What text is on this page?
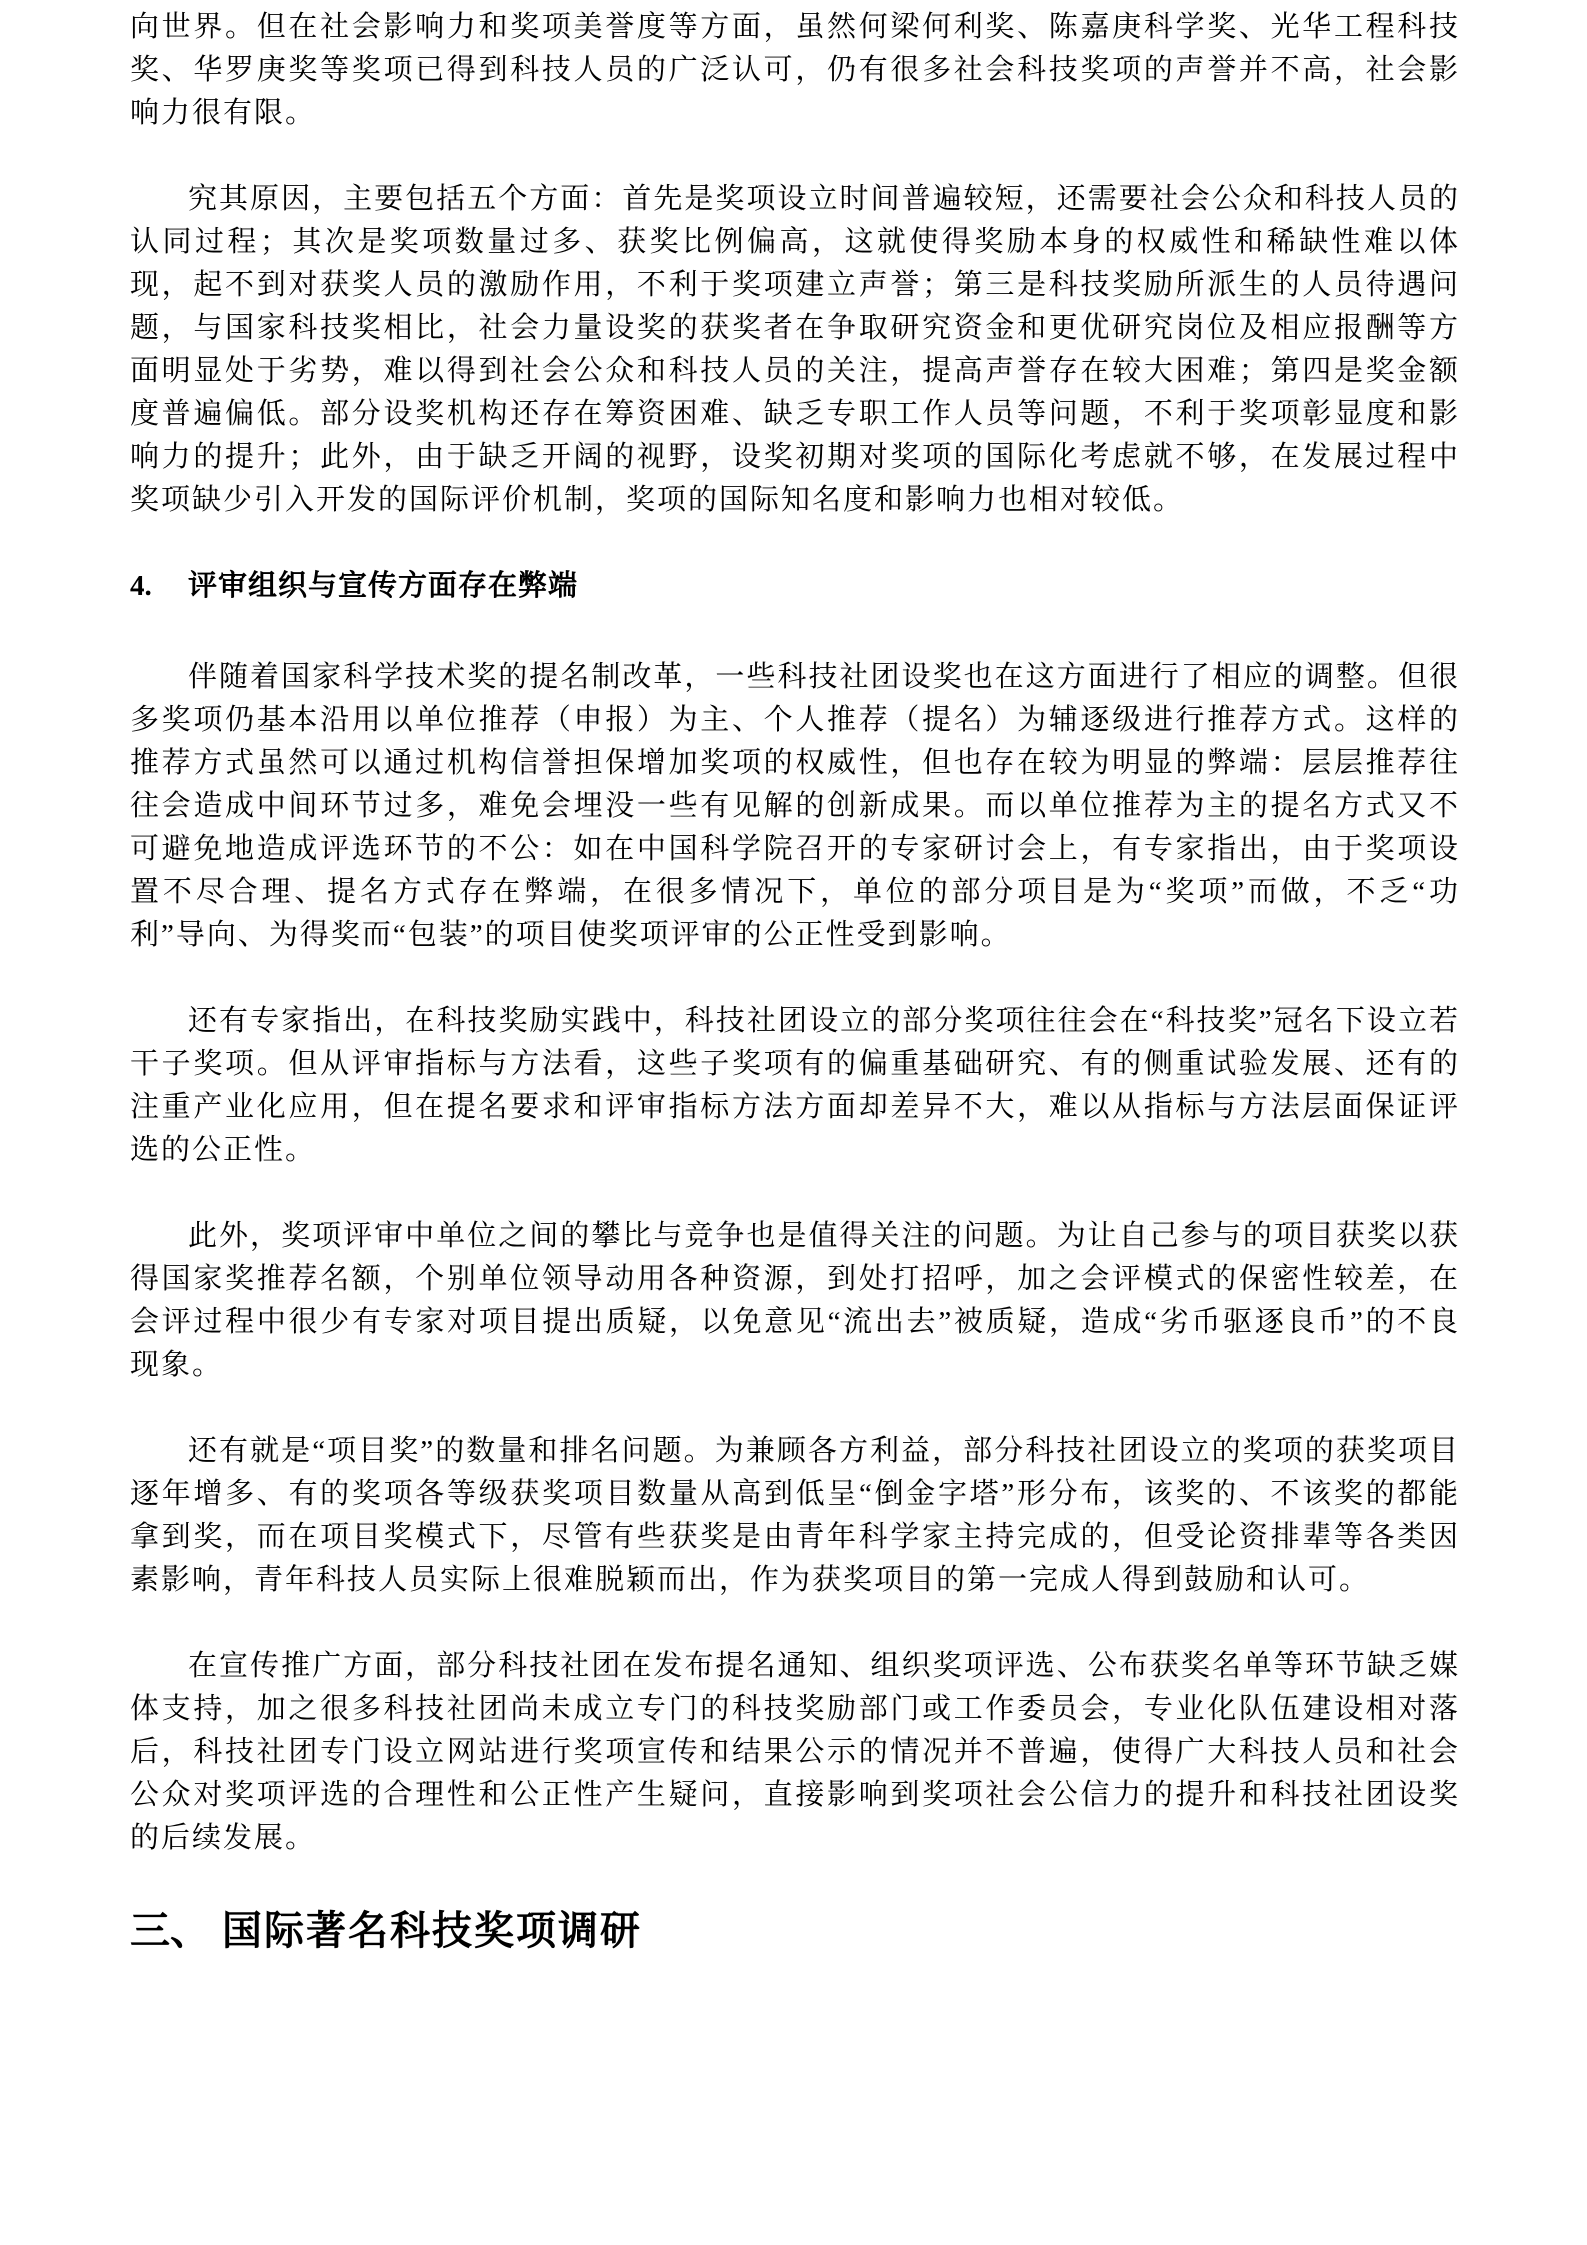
向世界。但在社会影响力和奖项美誉度等方面，虽然何梁何利奖、陈嘉庚科学奖、光华工程科技奖、华罗庚奖等奖项已得到科技人员的广泛认可，仍有很多社会科技奖项的声誉并不高，社会影响力很有限。

究其原因，主要包括五个方面：首先是奖项设立时间普遍较短，还需要社会公众和科技人员的认同过程；其次是奖项数量过多、获奖比例偏高，这就使得奖励本身的权威性和稀缺性难以体现，起不到对获奖人员的激励作用，不利于奖项建立声誉；第三是科技奖励所派生的人员待遇问题，与国家科技奖相比，社会力量设奖的获奖者在争取研究资金和更优研究岗位及相应报酬等方面明显处于劣势，难以得到社会公众和科技人员的关注，提高声誉存在较大困难；第四是奖金额度普遍偏低。部分设奖机构还存在筹资困难、缺乏专职工作人员等问题，不利于奖项彰显度和影响力的提升；此外，由于缺乏开阔的视野，设奖初期对奖项的国际化考虑就不够，在发展过程中奖项缺少引入开发的国际评价机制，奖项的国际知名度和影响力也相对较低。

4. 评审组织与宣传方面存在弊端

伴随着国家科学技术奖的提名制改革，一些科技社团设奖也在这方面进行了相应的调整。但很多奖项仍基本沿用以单位推荐（申报）为主、个人推荐（提名）为辅逐级进行推荐方式。这样的推荐方式虽然可以通过机构信誉担保增加奖项的权威性，但也存在较为明显的弊端：层层推荐往往会造成中间环节过多，难免会埋没一些有见解的创新成果。而以单位推荐为主的提名方式又不可避免地造成评选环节的不公：如在中国科学院召开的专家研讨会上，有专家指出，由于奖项设置不尽合理、提名方式存在弊端，在很多情况下，单位的部分项目是为“奖项”而做，不乏“功利”导向、为得奖而“包装”的项目使奖项评审的公正性受到影响。

还有专家指出，在科技奖励实践中，科技社团设立的部分奖项往往会在“科技奖”冠名下设立若干子奖项。但从评审指标与方法看，这些子奖项有的偏重基础研究、有的侧重试验发展、还有的注重产业化应用，但在提名要求和评审指标方法方面却差异不大，难以从指标与方法层面保证评选的公正性。

此外，奖项评审中单位之间的攀比与竞争也是值得关注的问题。为让自己参与的项目获奖以获得国家奖推荐名额，个别单位领导动用各种资源，到处打招呼，加之会评模式的保密性较差，在会评过程中很少有专家对项目提出质疑，以免意见“流出去”被质疑，造成“劣币驱逐良币”的不良现象。

还有就是“项目奖”的数量和排名问题。为兼顾各方利益，部分科技社团设立的奖项的获奖项目逐年增多、有的奖项各等级获奖项目数量从高到低呈“倒金字塔”形分布，该奖的、不该奖的都能拿到奖，而在项目奖模式下，尽管有些获奖是由青年科学家主持完成的，但受论资排辈等各类因素影响，青年科技人员实际上很难脱颖而出，作为获奖项目的第一完成人得到鼓励和认可。

在宣传推广方面，部分科技社团在发布提名通知、组织奖项评选、公布获奖名单等环节缺乏媒体支持，加之很多科技社团尚未成立专门的科技奖励部门或工作委员会，专业化队伍建设相对落后，科技社团专门设立网站进行奖项宣传和结果公示的情况并不普遍，使得广大科技人员和社会公众对奖项评选的合理性和公正性产生疑问，直接影响到奖项社会公信力的提升和科技社团设奖的后续发展。

三、 国际著名科技奖项调研
